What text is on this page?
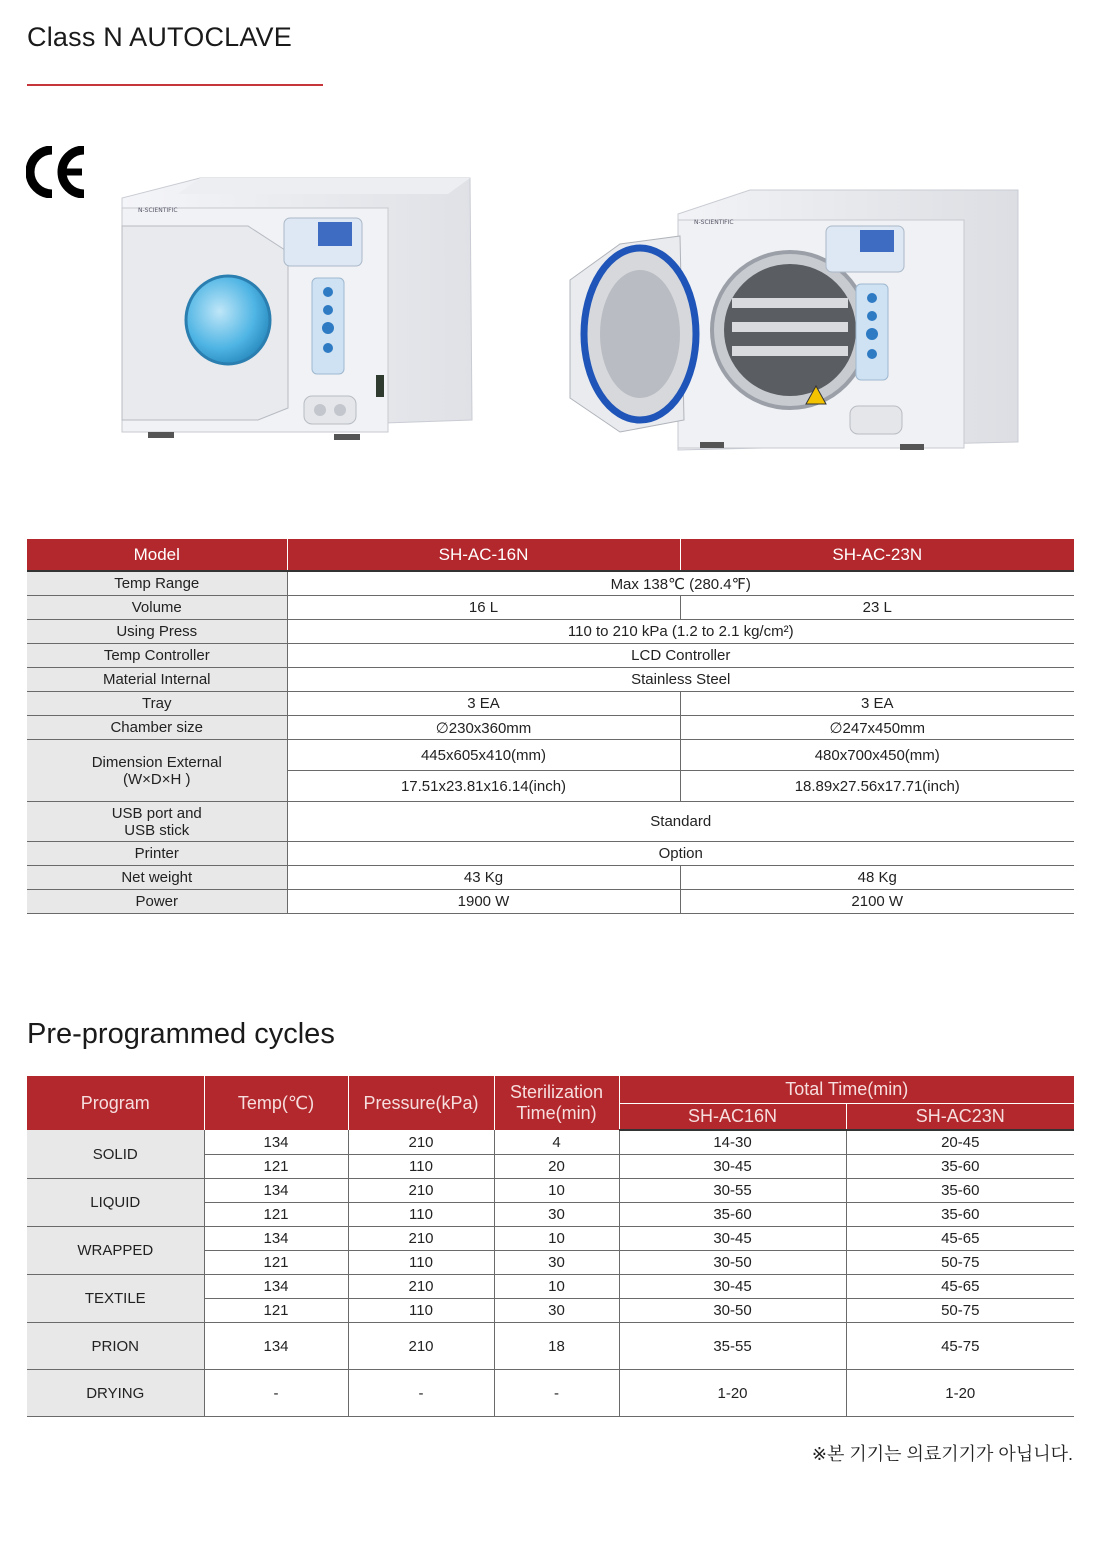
Class N AUTOCLAVE
N-SCIENTIFIC
N-SCIENTIFIC
Model	SH-AC-16N	SH-AC-23N
Temp Range	Max 138℃ (280.4℉)	
Volume	16 L	23 L
Using Press	110 to 210 kPa (1.2 to 2.1 kg/cm²)	
Temp Controller	LCD Controller	
Material Internal	Stainless Steel	
Tray	3 EA	3 EA
Chamber size	∅230x360mm	∅247x450mm

Dimension External
(W×D×H )	445x605x410(mm)	480x700x450(mm)
	17.51x23.81x16.14(inch)	18.89x27.56x17.71(inch)

USB port and
USB stick	Standard	
Printer	Option	
Net weight	43 Kg	48 Kg
Power	1900 W	2100 W
Pre-programmed cycles
Program	Temp(℃)	Pressure(kPa)	Sterilization
Time(min)	Total Time(min)	
				SH-AC16N	SH-AC23N
SOLID	134	210	4	14-30	20-45
	121	110	20	30-45	35-60
LIQUID	134	210	10	30-55	35-60
	121	110	30	35-60	35-60
WRAPPED	134	210	10	30-45	45-65
	121	110	30	30-50	50-75
TEXTILE	134	210	10	30-45	45-65
	121	110	30	30-50	50-75
PRION	134	210	18	35-55	45-75
DRYING	-	-	-	1-20	1-20
※본 기기는 의료기기가 아닙니다.
